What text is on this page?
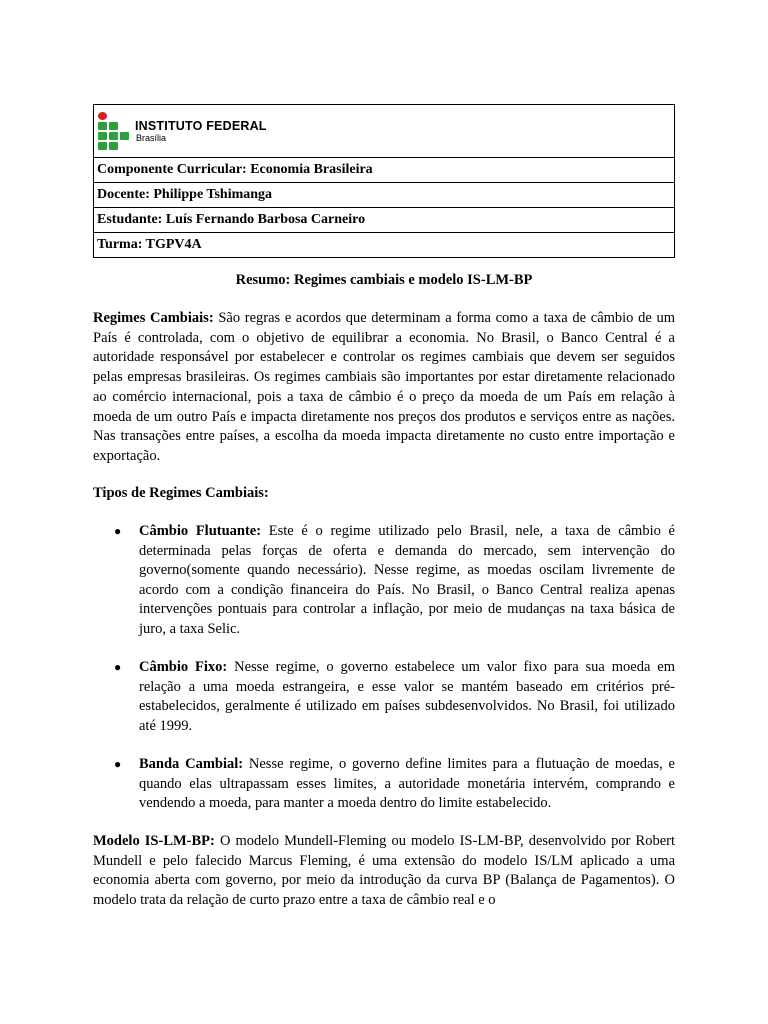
INSTITUTO FEDERAL
Brasília

Componente Curricular: Economia Brasileira
Docente: Philippe Tshimanga
Estudante: Luís Fernando Barbosa Carneiro
Turma: TGPV4A
Resumo: Regimes cambiais e modelo IS-LM-BP
Regimes Cambiais: São regras e acordos que determinam a forma como a taxa de câmbio de um País é controlada, com o objetivo de equilibrar a economia. No Brasil, o Banco Central é a autoridade responsável por estabelecer e controlar os regimes cambiais que devem ser seguidos pelas empresas brasileiras. Os regimes cambiais são importantes por estar diretamente relacionado ao comércio internacional, pois a taxa de câmbio é o preço da moeda de um País em relação à moeda de um outro País e impacta diretamente nos preços dos produtos e serviços entre as nações. Nas transações entre países, a escolha da moeda impacta diretamente no custo entre importação e exportação.
Tipos de Regimes Cambiais:
● Câmbio Flutuante: Este é o regime utilizado pelo Brasil, nele, a taxa de câmbio é determinada pelas forças de oferta e demanda do mercado, sem intervenção do governo(somente quando necessário). Nesse regime, as moedas oscilam livremente de acordo com a condição financeira do País. No Brasil, o Banco Central realiza apenas intervenções pontuais para controlar a inflação, por meio de mudanças na taxa básica de juro, a taxa Selic.
● Câmbio Fixo: Nesse regime, o governo estabelece um valor fixo para sua moeda em relação a uma moeda estrangeira, e esse valor se mantém baseado em critérios pré-estabelecidos, geralmente é utilizado em países subdesenvolvidos. No Brasil, foi utilizado até 1999.
● Banda Cambial: Nesse regime, o governo define limites para a flutuação de moedas, e quando elas ultrapassam esses limites, a autoridade monetária intervém, comprando e vendendo a moeda, para manter a moeda dentro do limite estabelecido.
Modelo IS-LM-BP: O modelo Mundell-Fleming ou modelo IS-LM-BP, desenvolvido por Robert Mundell e pelo falecido Marcus Fleming, é uma extensão do modelo IS/LM aplicado a uma economia aberta com governo, por meio da introdução da curva BP (Balança de Pagamentos). O modelo trata da relação de curto prazo entre a taxa de câmbio real e o
